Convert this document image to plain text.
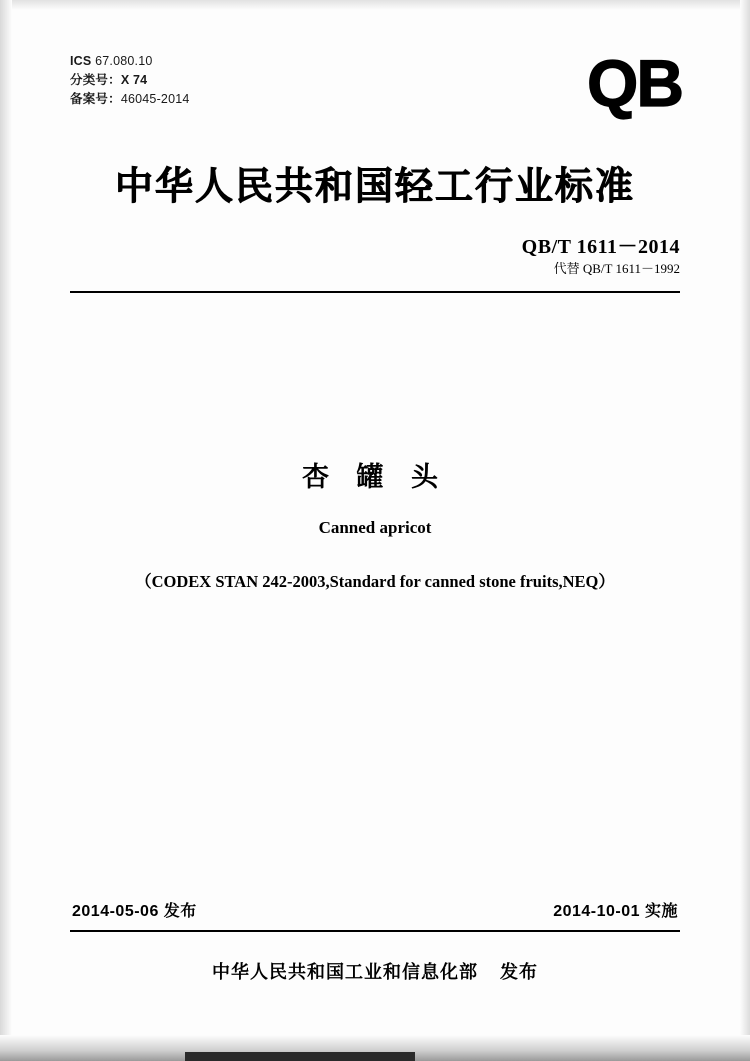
ICS 67.080.10
分类号：X 74
备案号：46045-2014	QB
中华人民共和国轻工行业标准
QB/T 1611－2014
代替 QB/T 1611－1992
杏 罐 头
Canned apricot
（CODEX STAN 242-2003,Standard for canned stone fruits,NEQ）
2014-05-06 发布	2014-10-01 实施
中华人民共和国工业和信息化部 发布
